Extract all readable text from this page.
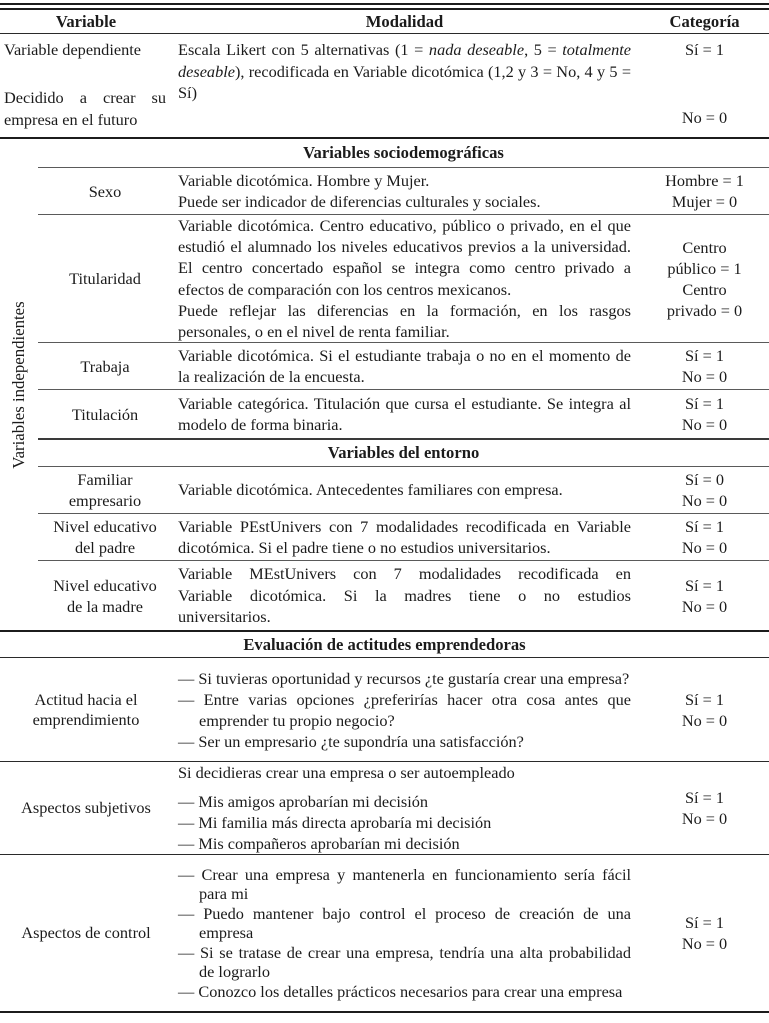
Variable	Modalidad	Categoría
Variable dependiente
Decidido a crear su empresa en el futuro
Escala Likert con 5 alternativas (1 = nada deseable, 5 = totalmente deseable), recodificada en Variable dicotómica (1,2 y 3 = No, 4 y 5 = Sí)
Sí = 1
No = 0
Variables independientes
Variables sociodemográficas
Sexo
Variable dicotómica. Hombre y Mujer.
Puede ser indicador de diferencias culturales y sociales.
Hombre = 1
Mujer = 0
Titularidad
Variable dicotómica. Centro educativo, público o privado, en el que estudió el alumnado los niveles educativos previos a la universidad. El centro concertado español se integra como centro privado a efectos de comparación con los centros mexicanos.
Puede reflejar las diferencias en la formación, en los rasgos personales, o en el nivel de renta familiar.
Centro
público = 1
Centro
privado = 0
Trabaja
Variable dicotómica. Si el estudiante trabaja o no en el momento de la realización de la encuesta.
Sí = 1
No = 0
Titulación
Variable categórica. Titulación que cursa el estudiante. Se integra al modelo de forma binaria.
Sí = 1
No = 0
Variables del entorno
Familiar
empresario
Variable dicotómica. Antecedentes familiares con empresa.
Sí = 0
No = 0
Nivel educativo
del padre
Variable PEstUnivers con 7 modalidades recodificada en Variable dicotómica. Si el padre tiene o no estudios universitarios.
Sí = 1
No = 0
Nivel educativo
de la madre
Variable MEstUnivers con 7 modalidades recodificada en Variable dicotómica. Si la madres tiene o no estudios universitarios.
Sí = 1
No = 0
Evaluación de actitudes emprendedoras
Actitud hacia el
emprendimiento
— Si tuvieras oportunidad y recursos ¿te gustaría crear una empresa?
— Entre varias opciones ¿preferirías hacer otra cosa antes que emprender tu propio negocio?
— Ser un empresario ¿te supondría una satisfacción?
Sí = 1
No = 0
Aspectos subjetivos
Si decidieras crear una empresa o ser autoempleado
— Mis amigos aprobarían mi decisión
— Mi familia más directa aprobaría mi decisión
— Mis compañeros aprobarían mi decisión
Sí = 1
No = 0
Aspectos de control
— Crear una empresa y mantenerla en funcionamiento sería fácil para mi
— Puedo mantener bajo control el proceso de creación de una empresa
— Si se tratase de crear una empresa, tendría una alta probabilidad de lograrlo
— Conozco los detalles prácticos necesarios para crear una empresa
Sí = 1
No = 0
